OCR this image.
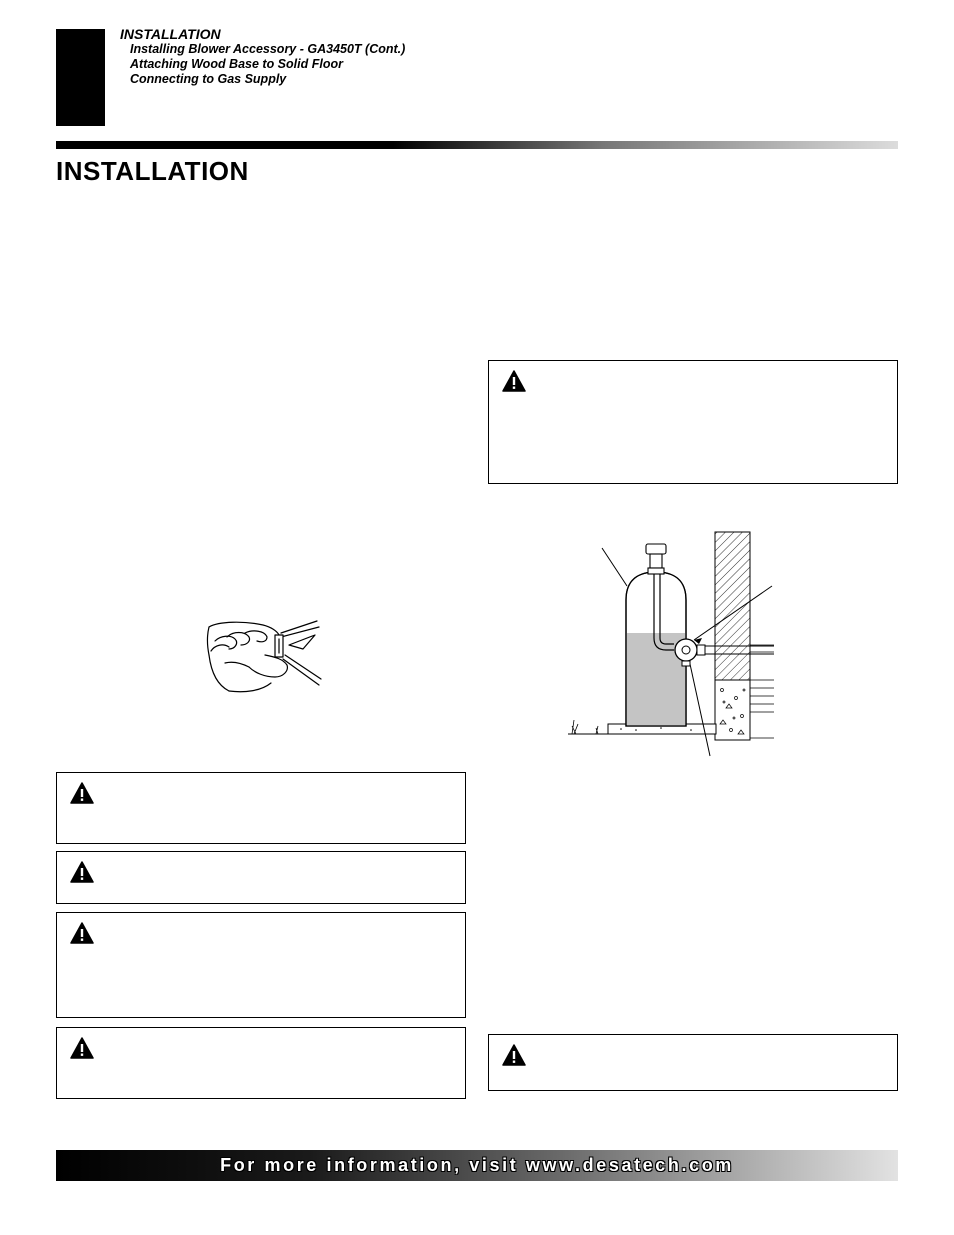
INSTALLATION
Installing Blower Accessory - GA3450T (Cont.)
Attaching Wood Base to Solid Floor
Connecting to Gas Supply
INSTALLATION
For more information, visit www.desatech.com
